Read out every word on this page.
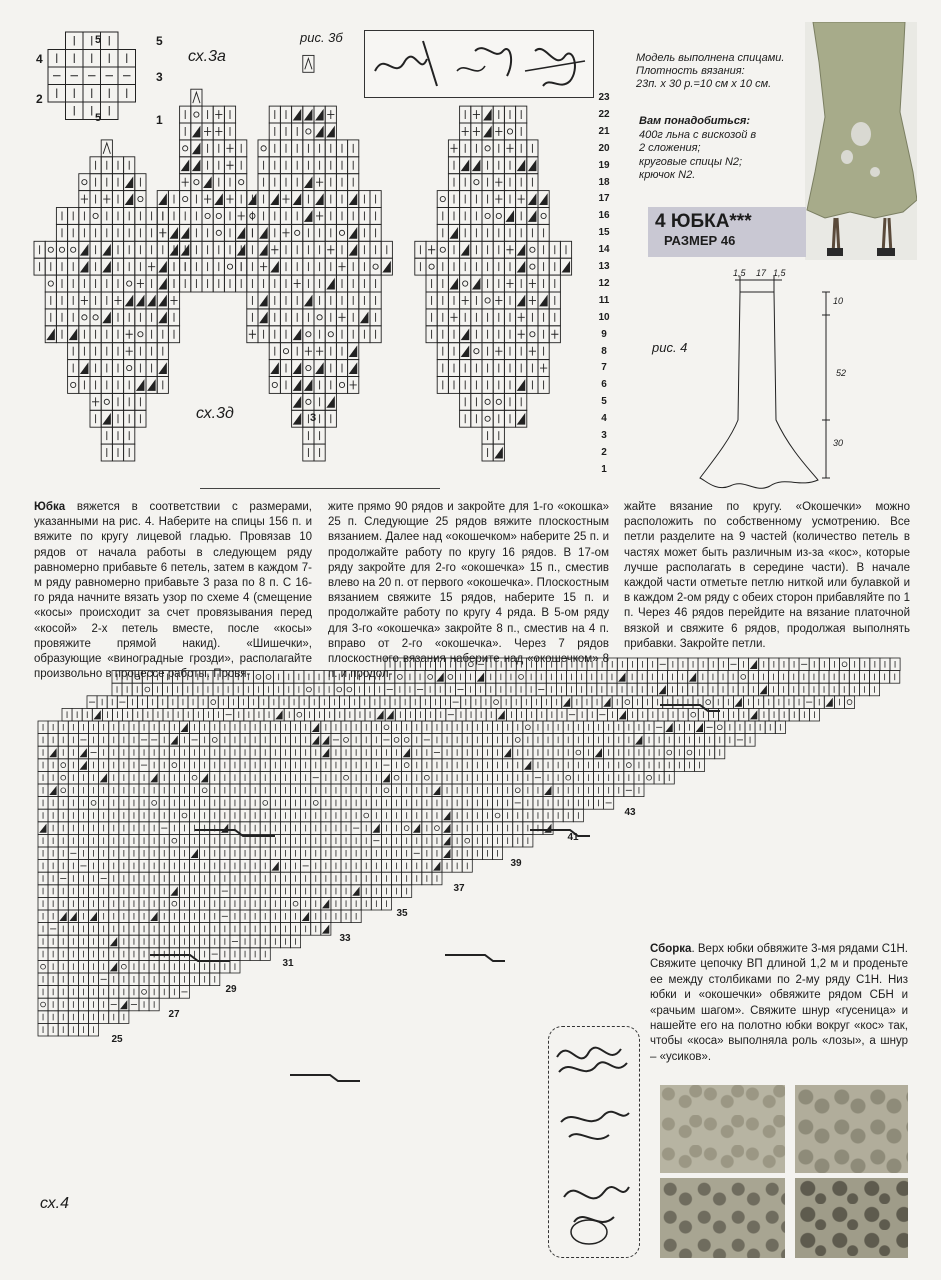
4 ЮБКА***
РАЗМЕР 46
Модель выполнена спицами.
Плотность вязания:
23п. х 30 р.=10 см х 10 см.
Вам понадобиться:
400г льна с вискозой в
2 сложения;
круговые спицы N2;
крючок N2.
сх.3а
рис. 3б
сх.3д
сх.4
рис. 4
5
3
1
4
2
5
5
3
23
22
21
20
19
18
17
16
15
14
13
12
11
10
9
8
7
6
5
4
3
2
1
43
41
39
37
35
33
31
29
27
25
1,5 17 1,5
10
52
30
Юбка вяжется в соответствии с размерами, указанными на рис. 4. Наберите на спицы 156 п. и вяжите по кругу лицевой гладью. Провязав 10 рядов от начала работы в следующем ряду равномерно прибавьте 6 петель, затем в каждом 7-м ряду равномерно прибавьте 3 раза по 8 п. С 16-го ряда начните вязать узор по схеме 4 (смещение «косы» происходит за счет провязывания перед «косой» 2-х петель вместе, после «косы» провяжите прямой накид). «Шишечки», образующие «виноградные грозди», располагайте произвольно в процессе работы. Провя-
жите прямо 90 рядов и закройте для 1-го «окошка» 25 п. Следующие 25 рядов вяжите плоскостным вязанием. Далее над «окошечком» наберите 25 п. и продолжайте работу по кругу 16 рядов. В 17-ом ряду закройте для 2-го «окошечка» 15 п., сместив влево на 20 п. от первого «окошечка». Плоскостным вязанием свяжите 15 рядов, наберите 15 п. и продолжайте работу по кругу 4 ряда. В 5-ом ряду для 3-го «окошечка» закройте 8 п., сместив на 4 п. вправо от 2-го «окошечка». Через 7 рядов плоскостного вязания наберите над «окошечком» 8 п. и продол-
жайте вязание по кругу. «Окошечки» можно расположить по собственному усмотрению. Все петли разделите на 9 частей (количество петель в частях может быть различным из-за «кос», которые лучше располагать в середине части). В начале каждой части отметьте петлю ниткой или булавкой и в каждом 2-ом ряду с обеих сторон прибавляйте по 1 п. Через 46 рядов перейдите на вязание платочной вязкой и свяжите 6 рядов, продолжая выполнять прибавки. Закройте петли.
Сборка. Верх юбки обвяжите 3-мя рядами С1Н. Свяжите цепочку ВП длиной 1,2 м и проденьте ее между столбиками по 2-му ряду С1Н. Низ юбки и «окошечки» обвяжите рядом СБН и «рачьим шагом». Свяжите шнур «гусеница» и нашейте его на полотно юбки вокруг «кос» так, чтобы «коса» выполняла роль «лозы», а шнур – «усиков».
